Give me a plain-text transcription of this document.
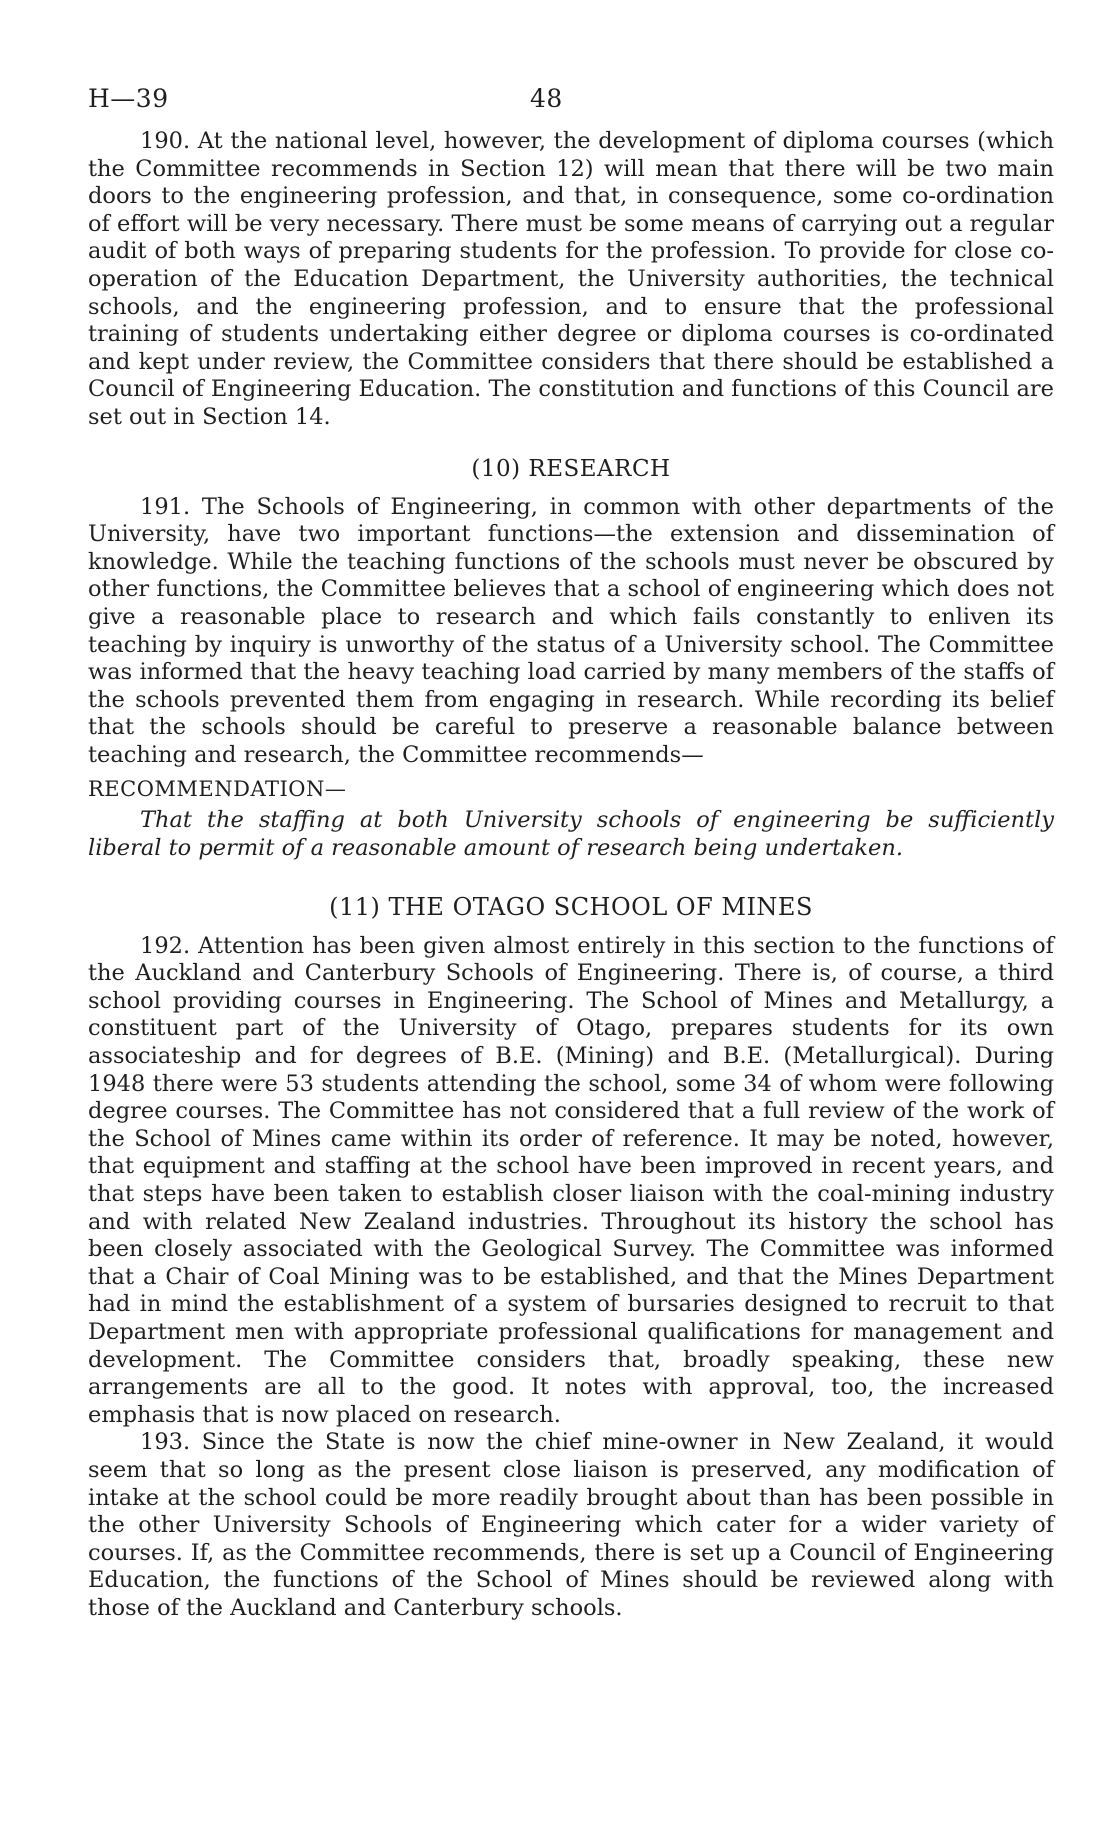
H—39	48

190. At the national level, however, the development of diploma courses (which the Committee recommends in Section 12) will mean that there will be two main doors to the engineering profession, and that, in consequence, some co-ordination of effort will be very necessary. There must be some means of carrying out a regular audit of both ways of preparing students for the profession. To provide for close co-operation of the Education Department, the University authorities, the technical schools, and the engineering profession, and to ensure that the professional training of students undertaking either degree or diploma courses is co-ordinated and kept under review, the Committee considers that there should be established a Council of Engineering Education. The constitution and functions of this Council are set out in Section 14.

(10) RESEARCH

191. The Schools of Engineering, in common with other departments of the University, have two important functions—the extension and dissemination of knowledge. While the teaching functions of the schools must never be obscured by other functions, the Committee believes that a school of engineering which does not give a reasonable place to research and which fails constantly to enliven its teaching by inquiry is unworthy of the status of a University school. The Committee was informed that the heavy teaching load carried by many members of the staffs of the schools prevented them from engaging in research. While recording its belief that the schools should be careful to preserve a reasonable balance between teaching and research, the Committee recommends—

RECOMMENDATION—

That the staffing at both University schools of engineering be sufficiently liberal to permit of a reasonable amount of research being undertaken.

(11) THE OTAGO SCHOOL OF MINES

192. Attention has been given almost entirely in this section to the functions of the Auckland and Canterbury Schools of Engineering. There is, of course, a third school providing courses in Engineering. The School of Mines and Metallurgy, a constituent part of the University of Otago, prepares students for its own associateship and for degrees of B.E. (Mining) and B.E. (Metallurgical). During 1948 there were 53 students attending the school, some 34 of whom were following degree courses. The Committee has not considered that a full review of the work of the School of Mines came within its order of reference. It may be noted, however, that equipment and staffing at the school have been improved in recent years, and that steps have been taken to establish closer liaison with the coal-mining industry and with related New Zealand industries. Throughout its history the school has been closely associated with the Geological Survey. The Committee was informed that a Chair of Coal Mining was to be established, and that the Mines Department had in mind the establishment of a system of bursaries designed to recruit to that Department men with appropriate professional qualifications for management and development. The Committee considers that, broadly speaking, these new arrangements are all to the good. It notes with approval, too, the increased emphasis that is now placed on research.

193. Since the State is now the chief mine-owner in New Zealand, it would seem that so long as the present close liaison is preserved, any modification of intake at the school could be more readily brought about than has been possible in the other University Schools of Engineering which cater for a wider variety of courses. If, as the Committee recommends, there is set up a Council of Engineering Education, the functions of the School of Mines should be reviewed along with those of the Auckland and Canterbury schools.
